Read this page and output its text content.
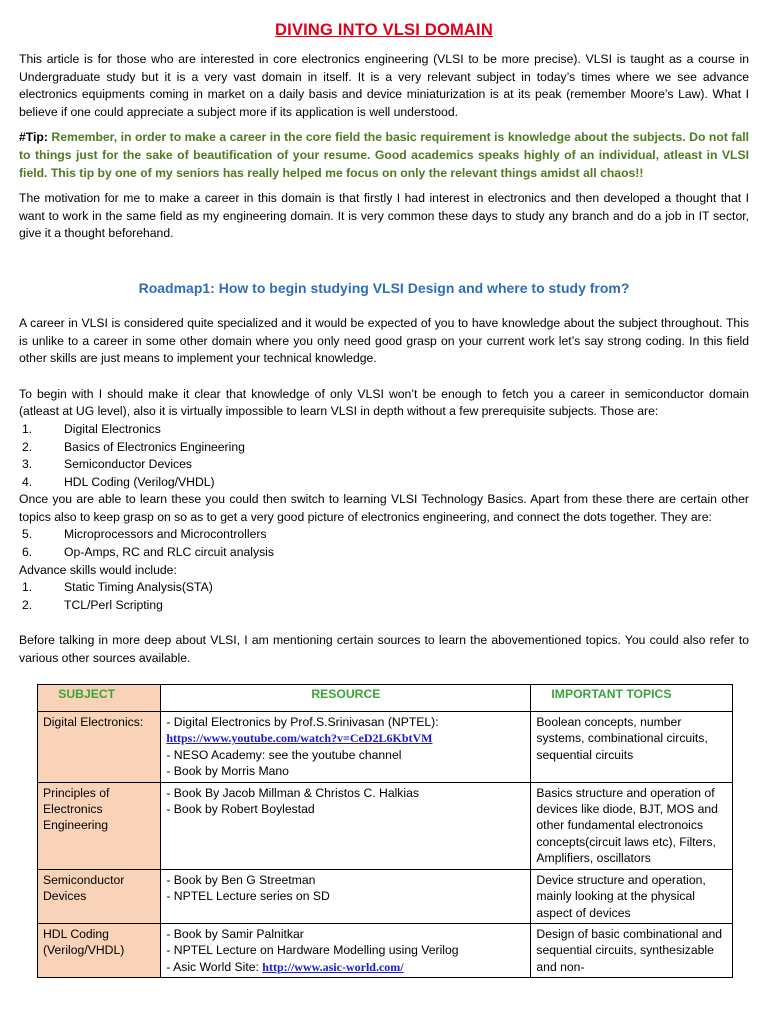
DIVING INTO VLSI DOMAIN

This article is for those who are interested in core electronics engineering (VLSI to be more precise). VLSI is taught as a course in Undergraduate study but it is a very vast domain in itself. It is a very relevant subject in today’s times where we see advance electronics equipments coming in market on a daily basis and device miniaturization is at its peak (remember Moore’s Law). What I believe if one could appreciate a subject more if its application is well understood.

#Tip: Remember, in order to make a career in the core field the basic requirement is knowledge about the subjects. Do not fall to things just for the sake of beautification of your resume. Good academics speaks highly of an individual, atleast in VLSI field. This tip by one of my seniors has really helped me focus on only the relevant things amidst all chaos!!

The motivation for me to make a career in this domain is that firstly I had interest in electronics and then developed a thought that I want to work in the same field as my engineering domain. It is very common these days to study any branch and do a job in IT sector, give it a thought beforehand.

Roadmap1: How to begin studying VLSI Design and where to study from?

A career in VLSI is considered quite specialized and it would be expected of you to have knowledge about the subject throughout. This is unlike to a career in some other domain where you only need good grasp on your current work let’s say strong coding. In this field other skills are just means to implement your technical knowledge.

To begin with I should make it clear that knowledge of only VLSI won’t be enough to fetch you a career in semiconductor domain (atleast at UG level), also it is virtually impossible to learn VLSI in depth without a few prerequisite subjects. Those are:

1.	Digital Electronics
2.	Basics of Electronics Engineering
3.	Semiconductor Devices
4.	HDL Coding (Verilog/VHDL)

Once you are able to learn these you could then switch to learning VLSI Technology Basics. Apart from these there are certain other topics also to keep grasp on so as to get a very good picture of electronics engineering, and connect the dots together. They are:

5.	Microprocessors and Microcontrollers
6.	Op-Amps, RC and RLC circuit analysis

Advance skills would include:

1.	Static Timing Analysis(STA)
2.	TCL/Perl Scripting

Before talking in more deep about VLSI, I am mentioning certain sources to learn the abovementioned topics. You could also refer to various other sources available.

SUBJECT	RESOURCE	IMPORTANT TOPICS
Digital Electronics:	- Digital Electronics by Prof.S.Srinivasan (NPTEL):
https://www.youtube.com/watch?v=CeD2L6KbtVM
- NESO Academy: see the youtube channel
- Book by Morris Mano	Boolean concepts, number systems, combinational circuits, sequential circuits
Principles of Electronics Engineering	- Book By Jacob Millman & Christos C. Halkias
- Book by Robert Boylestad	Basics structure and operation of devices like diode, BJT, MOS and other fundamental electronoics concepts(circuit laws etc), Filters, Amplifiers, oscillators
Semiconductor Devices	- Book by Ben G Streetman
- NPTEL Lecture series on SD	Device structure and operation, mainly looking at the physical aspect of devices
HDL Coding (Verilog/VHDL)	- Book by Samir Palnitkar
- NPTEL Lecture on Hardware Modelling using Verilog
- Asic World Site: http://www.asic-world.com/	Design of basic combinational and sequential circuits, synthesizable and non-
